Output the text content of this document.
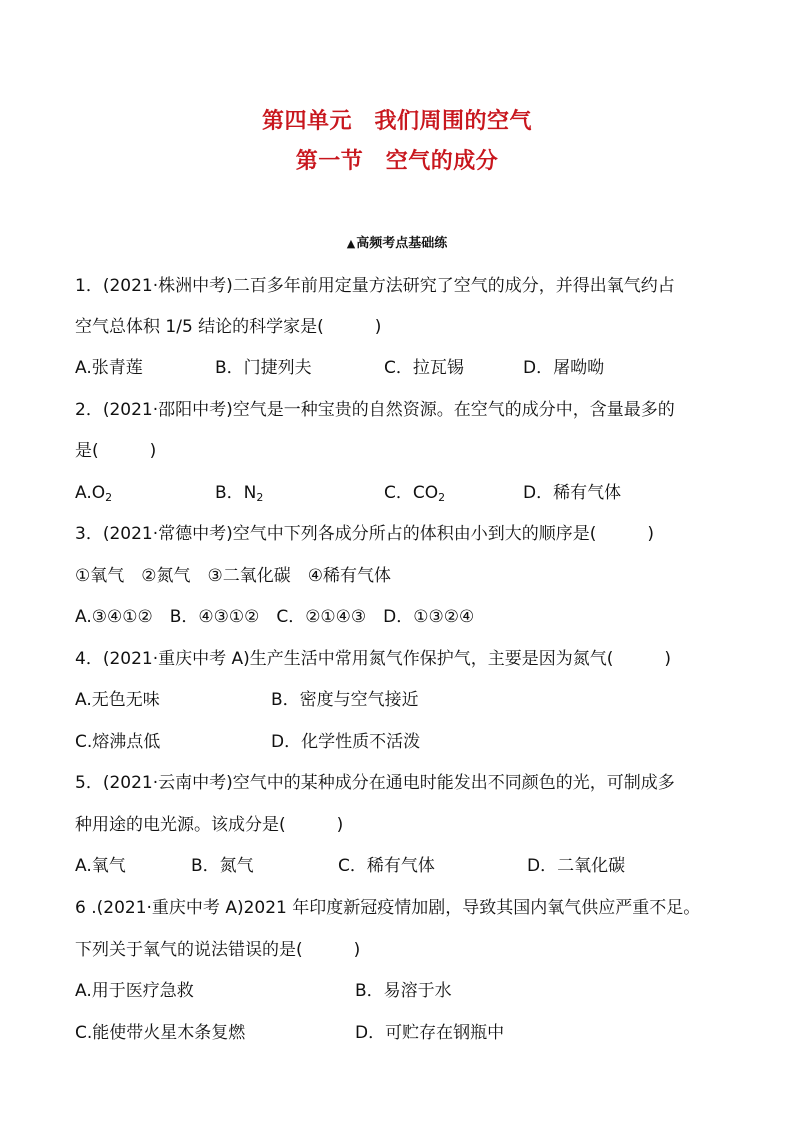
第四单元　我们周围的空气
第一节　空气的成分
▲高频考点基础练
1．(2021·株洲中考)二百多年前用定量方法研究了空气的成分，并得出氧气约占
空气总体积 1/5 结论的科学家是(　　　)
A.张青莲	B．门捷列夫	C．拉瓦锡	D．屠呦呦
2．(2021·邵阳中考)空气是一种宝贵的自然资源。在空气的成分中，含量最多的
是(　　　)
$A.O_2$	B．$N_2$	C．$CO_2$	D．稀有气体
3．(2021·常德中考)空气中下列各成分所占的体积由小到大的顺序是(　　　)
①氧气　②氮气　③二氧化碳　④稀有气体
A.③④①②　B．④③①②　C．②①④③　D．①③②④
4．(2021·重庆中考 A)生产生活中常用氮气作保护气，主要是因为氮气(　　　)
A.无色无味	B．密度与空气接近
C.熔沸点低	D．化学性质不活泼
5．(2021·云南中考)空气中的某种成分在通电时能发出不同颜色的光，可制成多
种用途的电光源。该成分是(　　　)
A.氧气	B．氮气	C．稀有气体	D．二氧化碳
6 .(2021·重庆中考 A)2021 年印度新冠疫情加剧，导致其国内氧气供应严重不足。
下列关于氧气的说法错误的是(　　　)
A.用于医疗急救	B．易溶于水
C.能使带火星木条复燃	D．可贮存在钢瓶中
